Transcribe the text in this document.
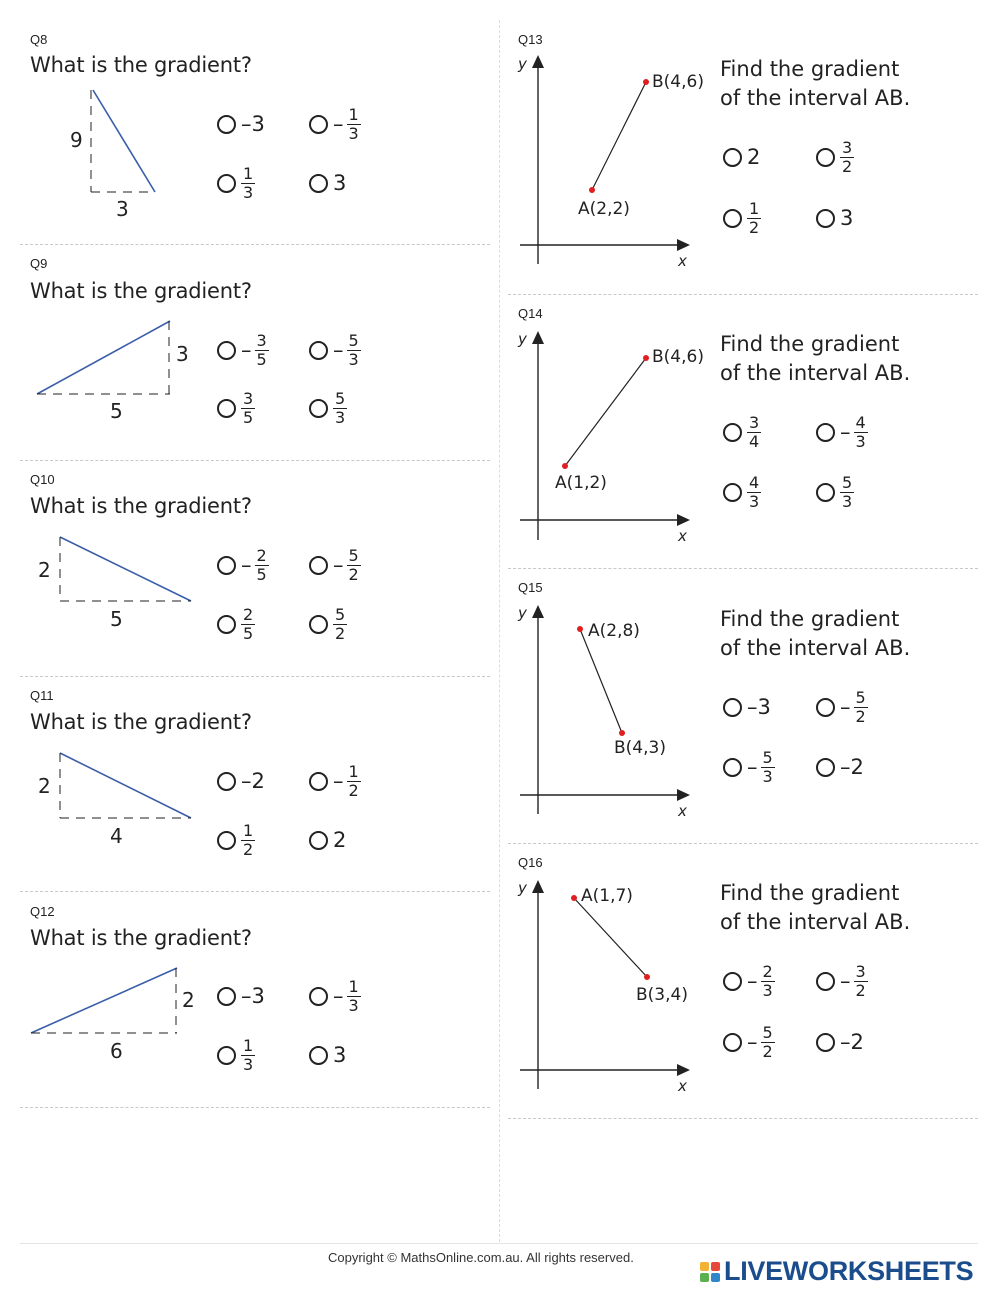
Q8
What is the gradient?
9
3
–3	– $\frac{1}{3}$
$\frac{1}{3}$	3
Q9
What is the gradient?
3
5
– $\frac{3}{5}$	– $\frac{5}{3}$
$\frac{3}{5}$	$\frac{5}{3}$
Q10
What is the gradient?
2
5
– $\frac{2}{5}$	– $\frac{5}{2}$
$\frac{2}{5}$	$\frac{5}{2}$
Q11
What is the gradient?
2
4
–2	– $\frac{1}{2}$
$\frac{1}{2}$	2
Q12
What is the gradient?
2
6
–3	– $\frac{1}{3}$
$\frac{1}{3}$	3
Q13
y
x
A(2,2)
B(4,6)
Find the gradient
of the interval AB.
2	$\frac{3}{2}$
$\frac{1}{2}$	3
Q14
y
x
A(1,2)
B(4,6)
Find the gradient
of the interval AB.
$\frac{3}{4}$	– $\frac{4}{3}$
$\frac{4}{3}$	$\frac{5}{3}$
Q15
y
x
A(2,8)
B(4,3)
Find the gradient
of the interval AB.
–3	– $\frac{5}{2}$
– $\frac{5}{3}$	–2
Q16
y
x
A(1,7)
B(3,4)
Find the gradient
of the interval AB.
– $\frac{2}{3}$	– $\frac{3}{2}$
– $\frac{5}{2}$	–2
Copyright © MathsOnline.com.au. All rights reserved.	LIVEWORKSHEETS
